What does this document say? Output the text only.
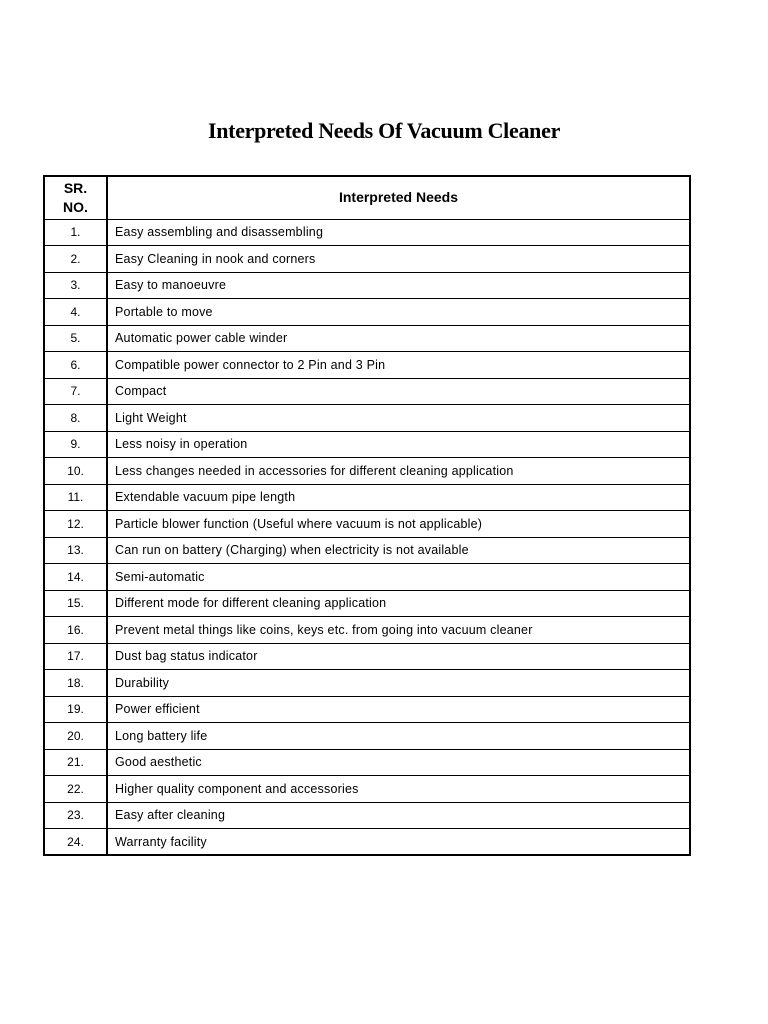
Interpreted Needs Of Vacuum Cleaner
SR.
NO.	Interpreted Needs
1.	Easy assembling and disassembling
2.	Easy Cleaning in nook and corners
3.	Easy to manoeuvre
4.	Portable to move
5.	Automatic power cable winder
6.	Compatible power connector to 2 Pin and 3 Pin
7.	Compact
8.	Light Weight
9.	Less noisy in operation
10.	Less changes needed in accessories for different cleaning application
11.	Extendable vacuum pipe length
12.	Particle blower function (Useful where vacuum is not applicable)
13.	Can run on battery (Charging) when electricity is not available
14.	Semi-automatic
15.	Different mode for different cleaning application
16.	Prevent metal things like coins, keys etc. from going into vacuum cleaner
17.	Dust bag status indicator
18.	Durability
19.	Power efficient
20.	Long battery life
21.	Good aesthetic
22.	Higher quality component and accessories
23.	Easy after cleaning
24.	Warranty facility
